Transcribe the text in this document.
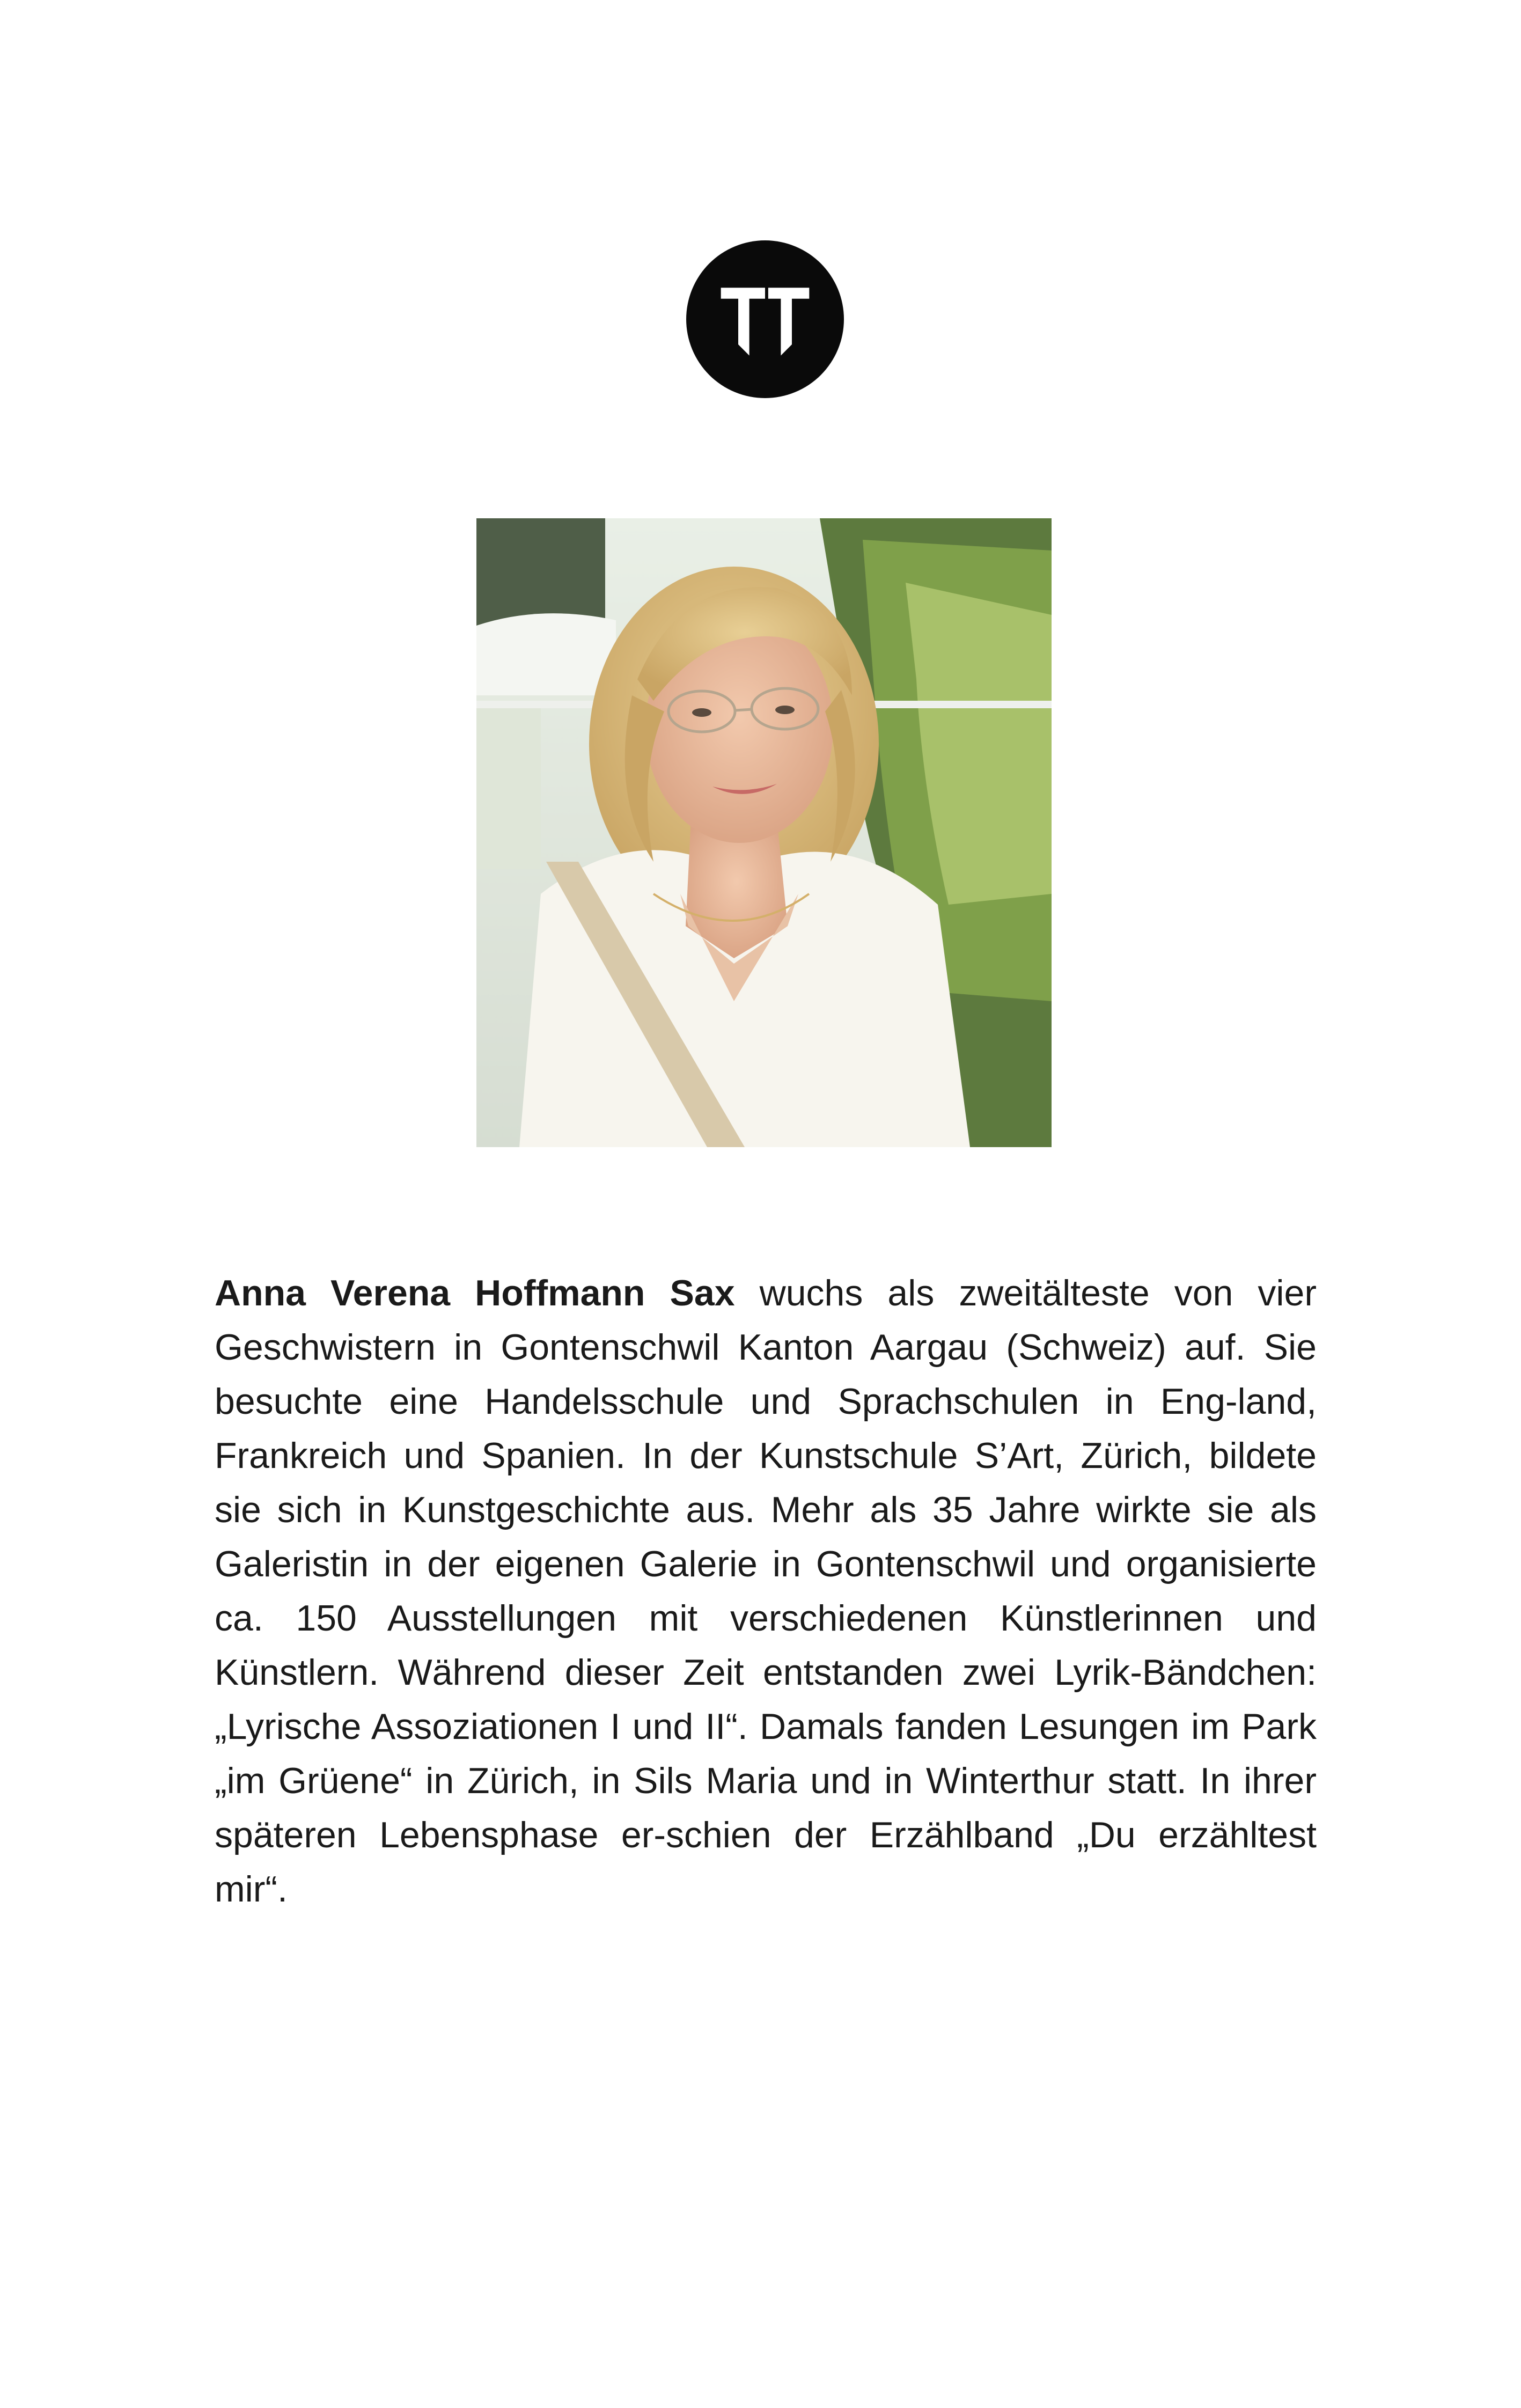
Anna Verena Hoffmann Sax wuchs als zweitälteste von vier Geschwistern in Gontenschwil Kanton Aargau (Schweiz) auf. Sie besuchte eine Handelsschule und Sprachschulen in Eng-land, Frankreich und Spanien. In der Kunstschule S’Art, Zürich, bildete sie sich in Kunstgeschichte aus. Mehr als 35 Jahre wirkte sie als Galeristin in der eigenen Galerie in Gontenschwil und organisierte ca. 150 Ausstellungen mit verschiedenen Künstlerinnen und Künstlern. Während dieser Zeit entstanden zwei Lyrik-Bändchen: „Lyrische Assoziationen I und II“. Damals fanden Lesungen im Park „im Grüene“ in Zürich, in Sils Maria und in Winterthur statt. In ihrer späteren Lebensphase er-schien der Erzählband „Du erzähltest mir“.
